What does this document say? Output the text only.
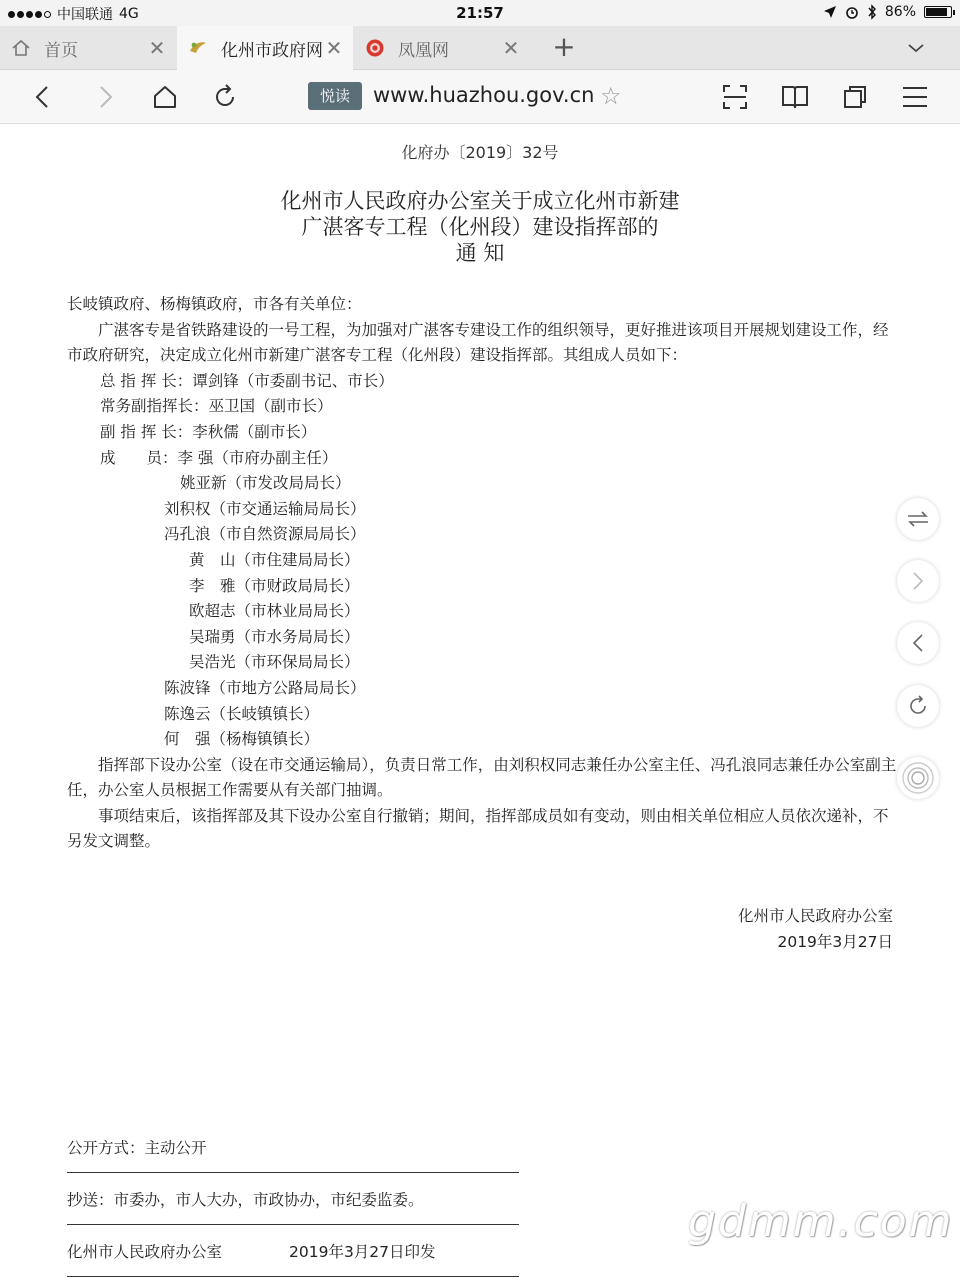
中国联通 4G	21:57	86%
首页	✕	化州市政府网 ✕	凤凰网	✕ +
悦读	www.huazhou.gov.cn ☆
化府办〔2019〕32号
化州市人民政府办公室关于成立化州市新建
广湛客专工程（化州段）建设指挥部的
通 知

长岐镇政府、杨梅镇政府，市各有关单位：

广湛客专是省铁路建设的一号工程，为加强对广湛客专建设工作的组织领导，更好推进该项目开展规划建设工作，经市政府研究，决定成立化州市新建广湛客专工程（化州段）建设指挥部。其组成人员如下：

总 指 挥 长：谭剑锋（市委副书记、市长）

常务副指挥长：巫卫国（副市长）

副 指 挥 长：李秋儒（副市长）

成　　员：李 强（市府办副主任）

姚亚新（市发改局局长）

刘积权（市交通运输局局长）

冯孔浪（市自然资源局局长）

黄　山（市住建局局长）

李　雅（市财政局局长）

欧超志（市林业局局长）

吴瑞勇（市水务局局长）

吴浩光（市环保局局长）

陈波锋（市地方公路局局长）

陈逸云（长岐镇镇长）

何　强（杨梅镇镇长）

指挥部下设办公室（设在市交通运输局），负责日常工作，由刘积权同志兼任办公室主任、冯孔浪同志兼任办公室副主任，办公室人员根据工作需要从有关部门抽调。

事项结束后，该指挥部及其下设办公室自行撤销；期间，指挥部成员如有变动，则由相关单位相应人员依次递补，不另发文调整。

化州市人民政府办公室
2019年3月27日
公开方式：主动公开
抄送：市委办，市人大办，市政协办，市纪委监委。
化州市人民政府办公室	2019年3月27日印发
gdmm.com
